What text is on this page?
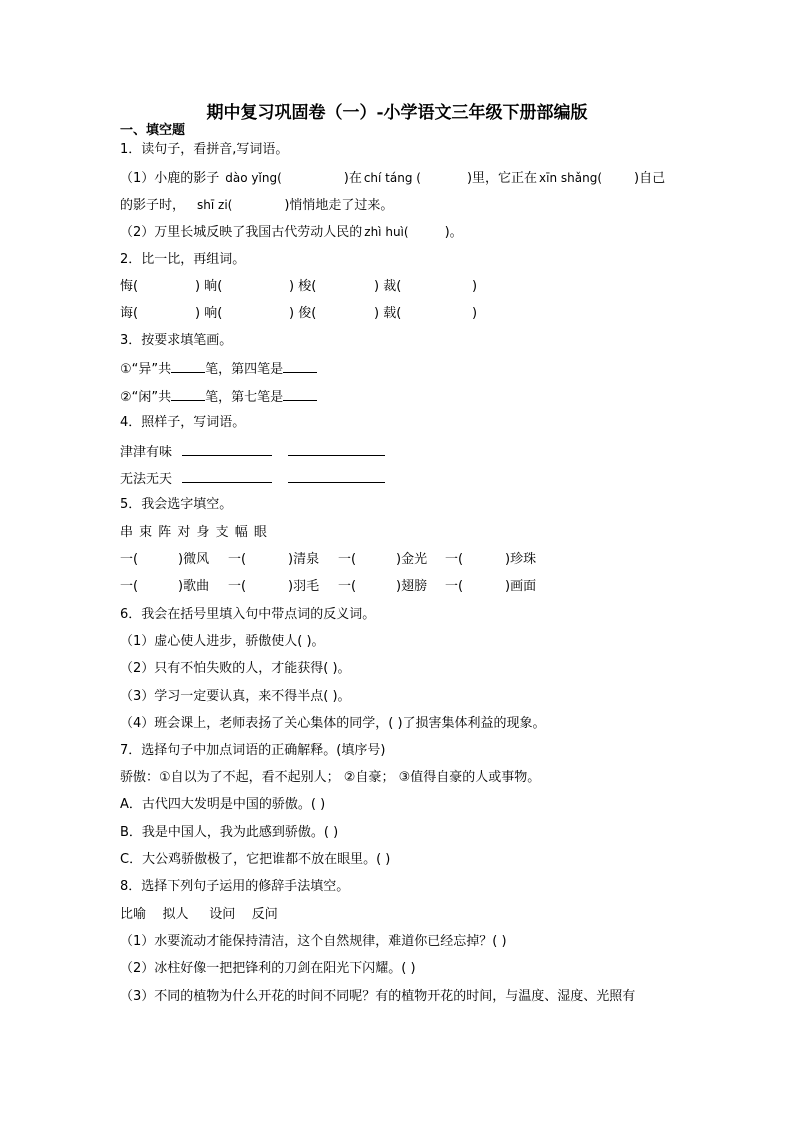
期中复习巩固卷（一）-小学语文三年级下册部编版
一、填空题
1．读句子，看拼音,写词语。
（1）小鹿的影子 dào yǐng(	)在 chí táng (	)里，它正在 xīn shǎng( )自己
的影子时， shī zi(	)悄悄地走了过来。
（2）万里长城反映了我国古代劳动人民的 zhì huì(	)。
2．比一比，再组词。
悔(	) 晌(	) 梭(	) 裁(	)
诲(	) 响(	) 俊(	) 载(	)
3．按要求填笔画。
①“异”共	笔，第四笔是
②“闲”共	笔，第七笔是
4．照样子，写词语。
津津有味
无法无天
5．我会选字填空。
串 束 阵 对 身 支 幅 眼
一(	)微风 一(	)清泉 一(	)金光 一(	)珍珠
一(	)歌曲 一(	)羽毛 一(	)翅膀 一(	)画面
6．我会在括号里填入句中带点词的反义词。
（1）虚心使人进步，骄傲使人( )。
（2）只有不怕失败的人，才能获得( )。
（3）学习一定要认真，来不得半点( )。
（4）班会课上，老师表扬了关心集体的同学，( )了损害集体利益的现象。
7．选择句子中加点词语的正确解释。(填序号)
骄傲：①自以为了不起，看不起别人； ②自豪； ③值得自豪的人或事物。
A．古代四大发明是中国的骄傲。( )
B．我是中国人，我为此感到骄傲。( )
C．大公鸡骄傲极了，它把谁都不放在眼里。( )
8．选择下列句子运用的修辞手法填空。
比喻    拟人     设问    反问
（1）水要流动才能保持清洁，这个自然规律，难道你已经忘掉？( )
（2）冰柱好像一把把锋利的刀剑在阳光下闪耀。( )
（3）不同的植物为什么开花的时间不同呢？有的植物开花的时间，与温度、湿度、光照有
